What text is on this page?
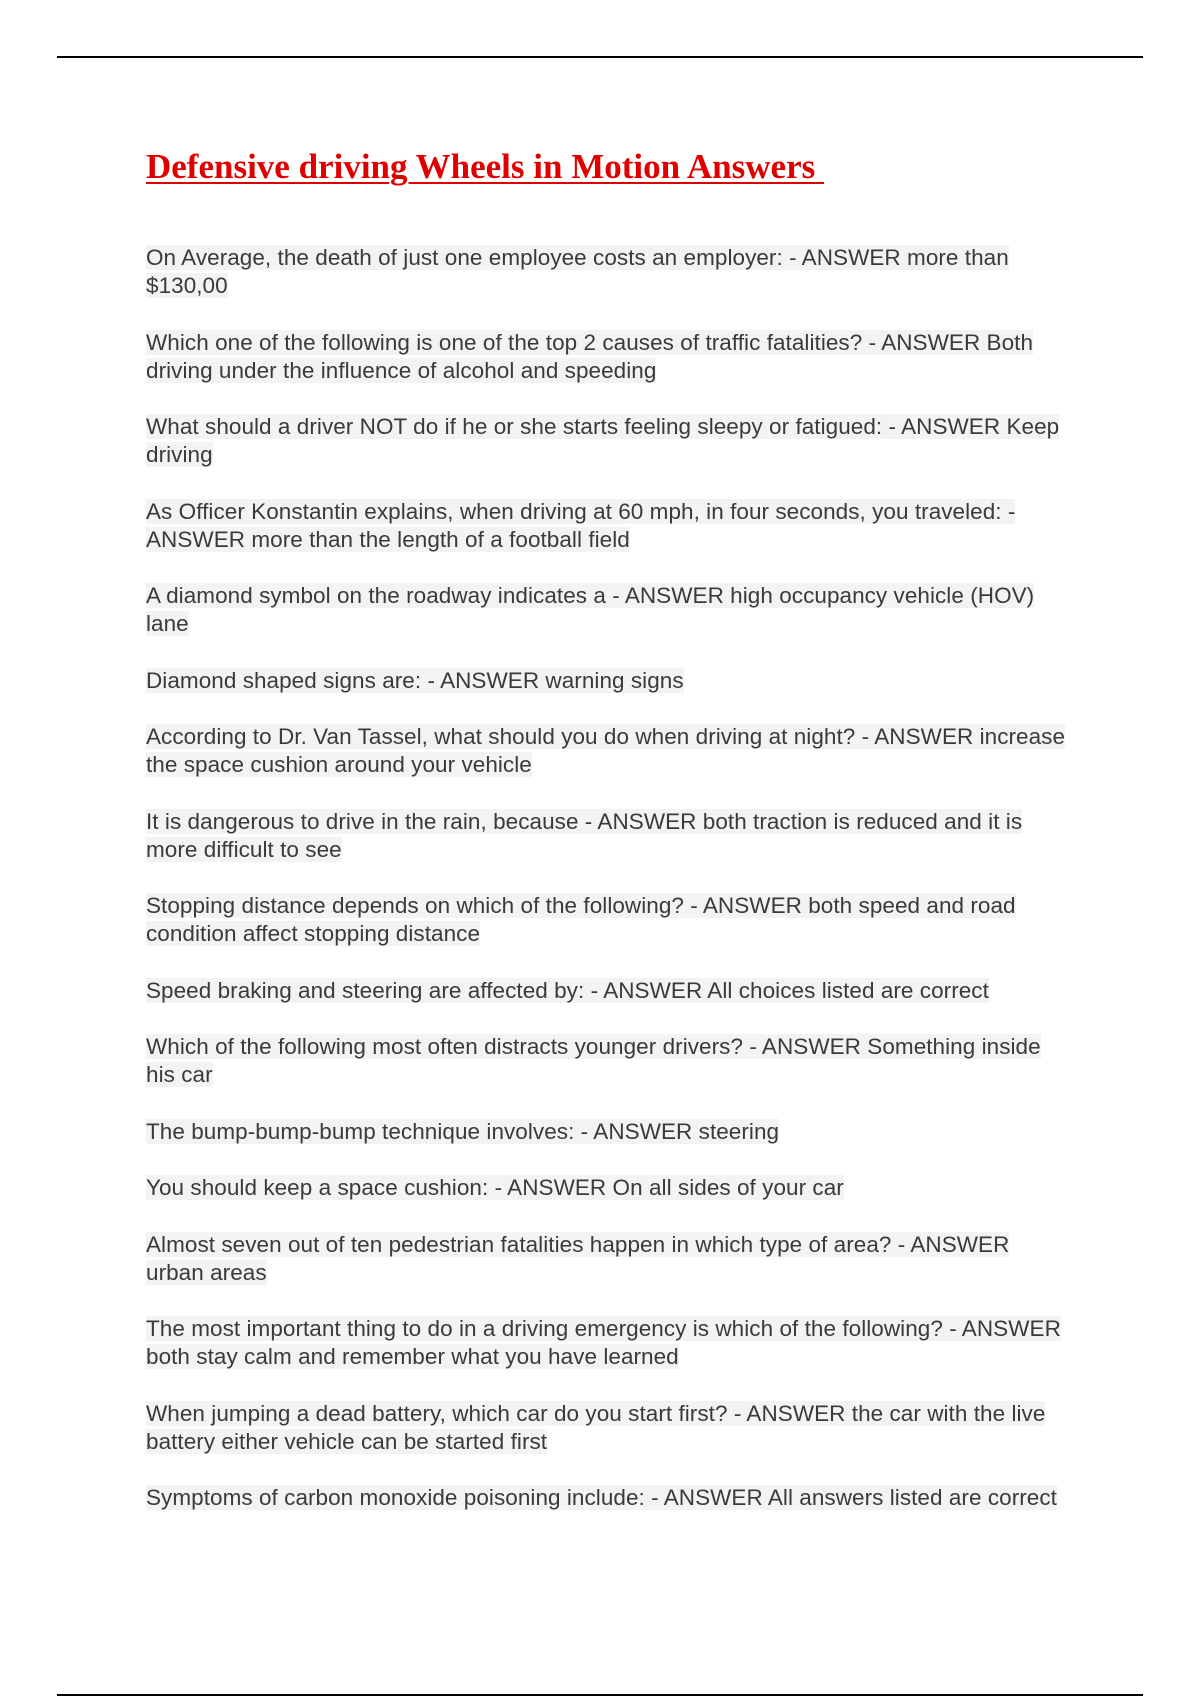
Defensive driving Wheels in Motion Answers
On Average, the death of just one employee costs an employer: - ANSWER more than $130,00
Which one of the following is one of the top 2 causes of traffic fatalities? - ANSWER Both driving under the influence of alcohol and speeding
What should a driver NOT do if he or she starts feeling sleepy or fatigued: - ANSWER Keep driving
As Officer Konstantin explains, when driving at 60 mph, in four seconds, you traveled: - ANSWER more than the length of a football field
A diamond symbol on the roadway indicates a - ANSWER high occupancy vehicle (HOV) lane
Diamond shaped signs are: - ANSWER warning signs
According to Dr. Van Tassel, what should you do when driving at night? - ANSWER increase the space cushion around your vehicle
It is dangerous to drive in the rain, because - ANSWER both traction is reduced and it is more difficult to see
Stopping distance depends on which of the following? - ANSWER both speed and road condition affect stopping distance
Speed braking and steering are affected by: - ANSWER All choices listed are correct
Which of the following most often distracts younger drivers? - ANSWER Something inside his car
The bump-bump-bump technique involves: - ANSWER steering
You should keep a space cushion: - ANSWER On all sides of your car
Almost seven out of ten pedestrian fatalities happen in which type of area? - ANSWER urban areas
The most important thing to do in a driving emergency is which of the following? - ANSWER both stay calm and remember what you have learned
When jumping a dead battery, which car do you start first? - ANSWER the car with the live battery either vehicle can be started first
Symptoms of carbon monoxide poisoning include: - ANSWER All answers listed are correct
